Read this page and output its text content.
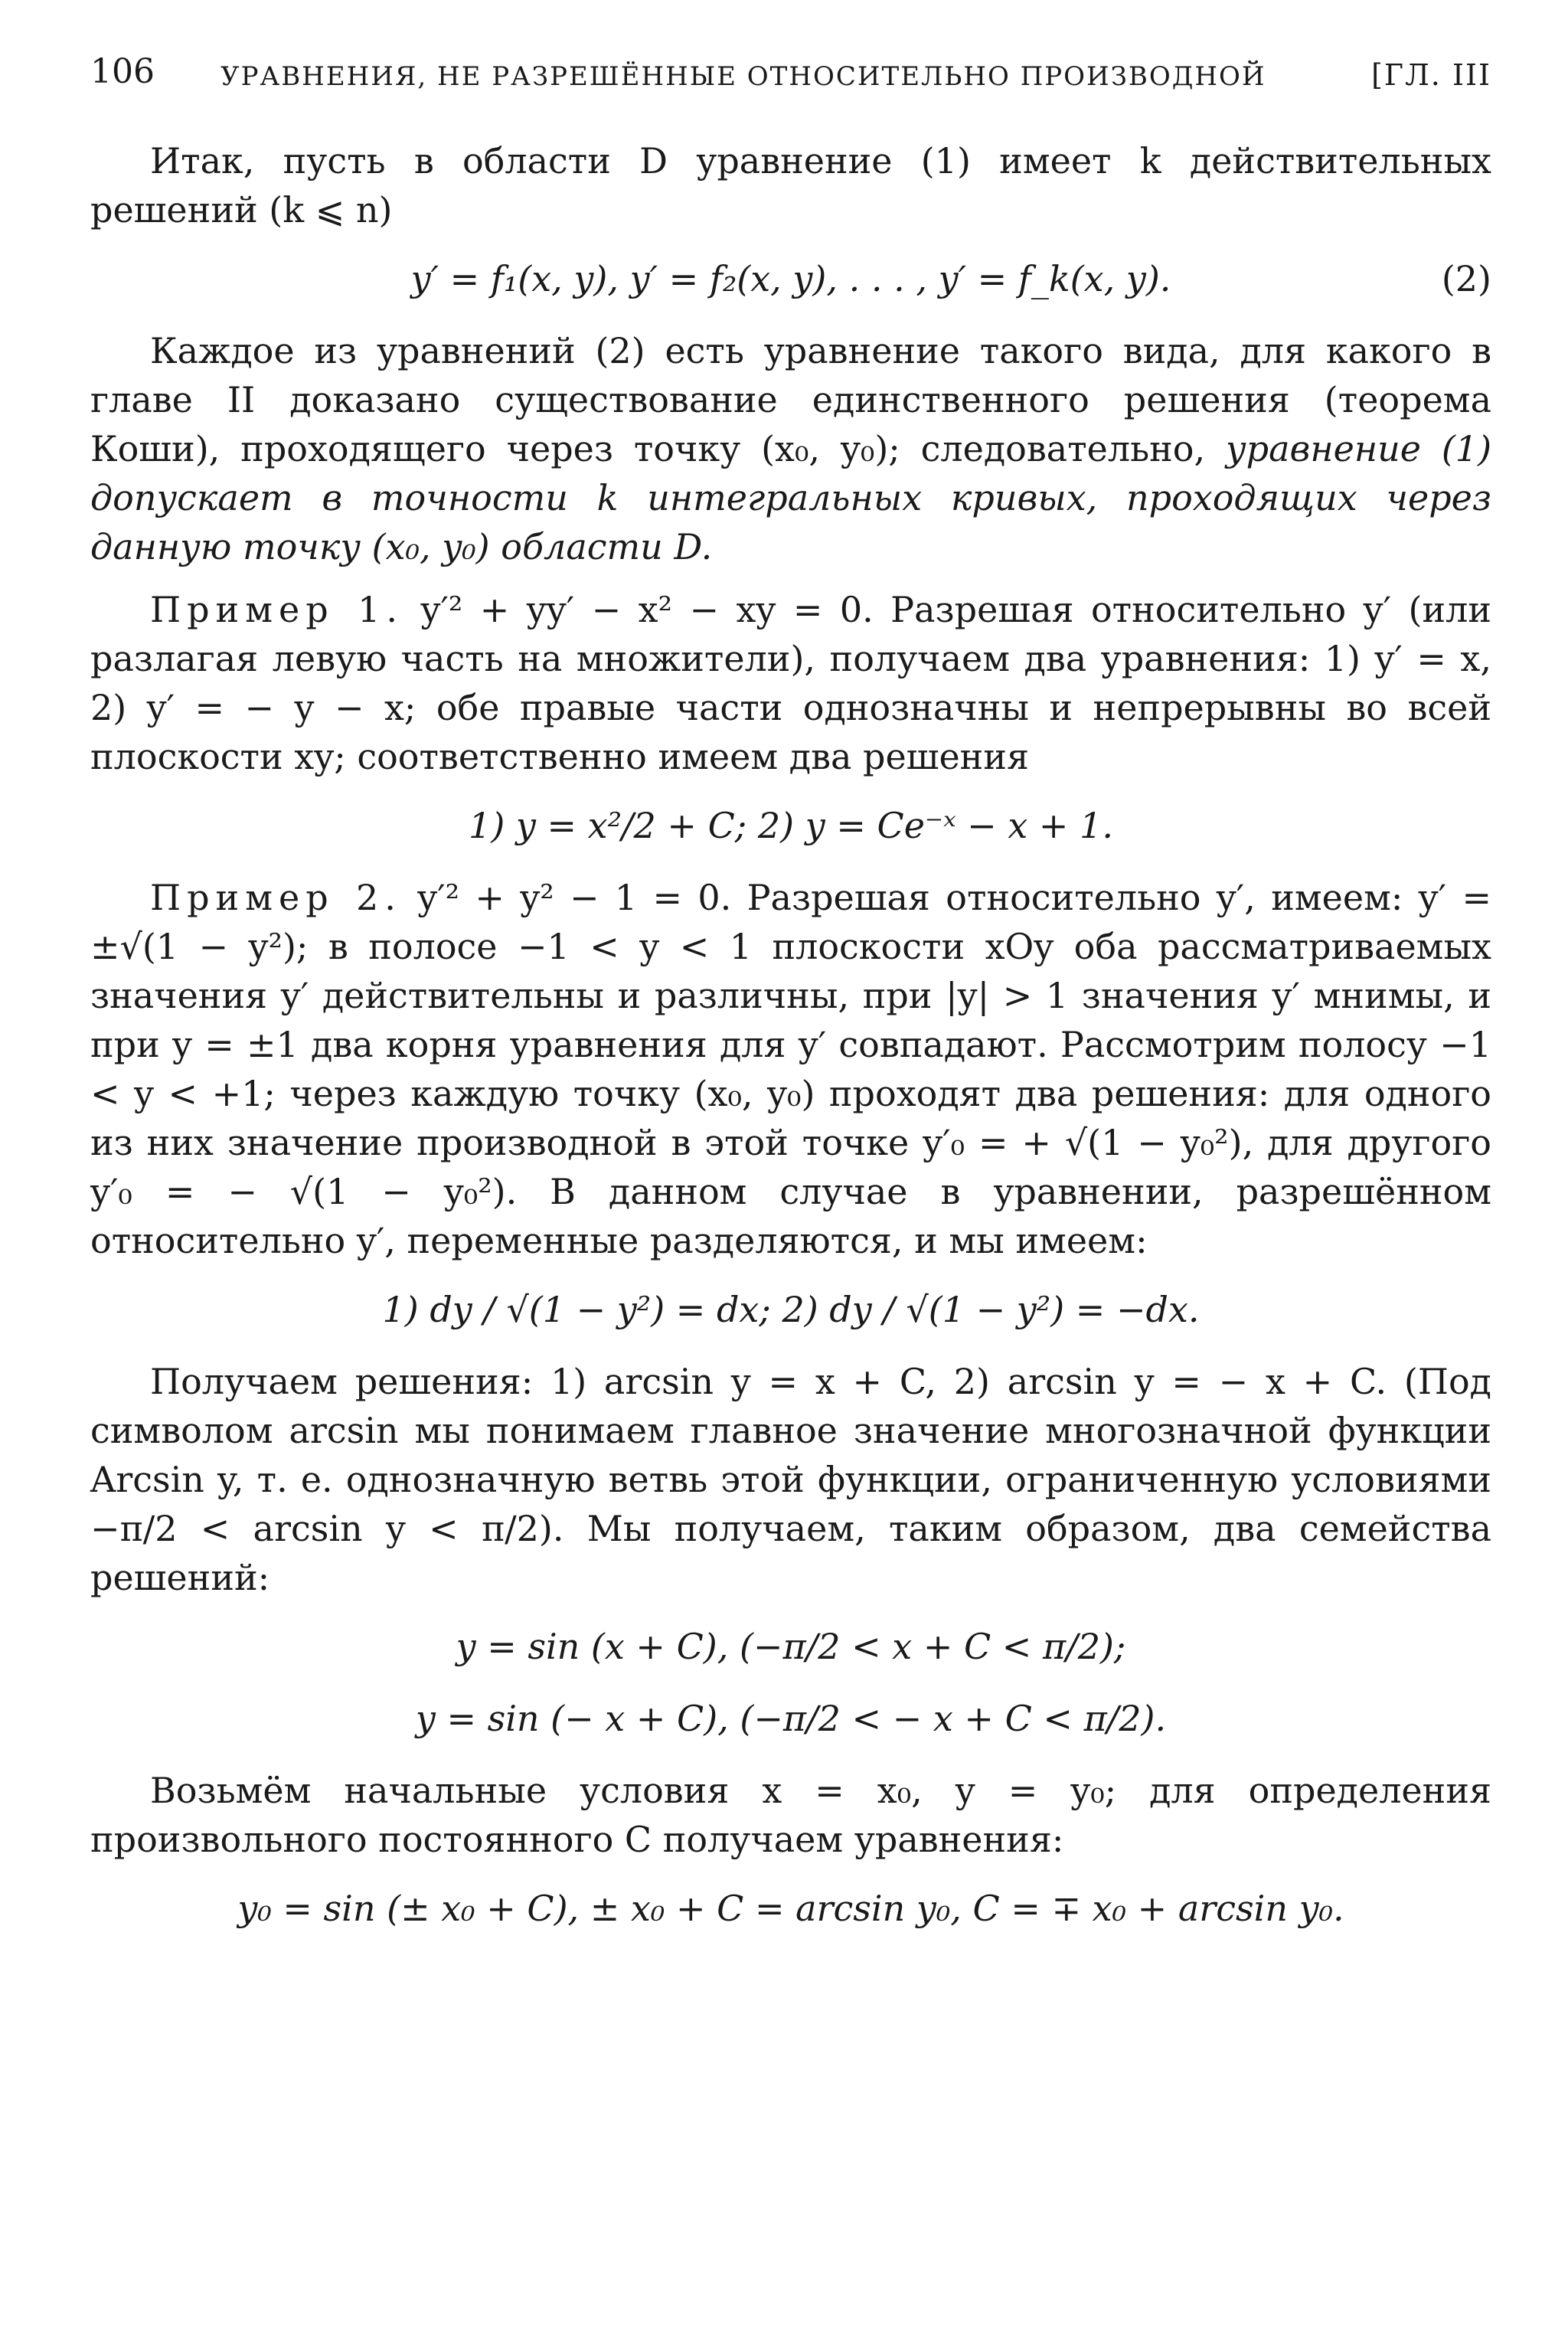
106	УРАВНЕНИЯ, НЕ РАЗРЕШЁННЫЕ ОТНОСИТЕЛЬНО ПРОИЗВОДНОЙ	[ГЛ. III

Итак, пусть в области D уравнение (1) имеет k действительных решений (k ⩽ n)

y′ = f₁(x, y), y′ = f₂(x, y), . . . , y′ = f_k(x, y).	(2)

Каждое из уравнений (2) есть уравнение такого вида, для какого в главе II доказано существование единственного решения (теорема Коши), проходящего через точку (x₀, y₀); следовательно, уравнение (1) допускает в точности k интегральных кривых, проходящих через данную точку (x₀, y₀) области D.

Пример 1. y′² + yy′ − x² − xy = 0. Разрешая относительно y′ (или разлагая левую часть на множители), получаем два уравнения: 1) y′ = x, 2) y′ = − y − x; обе правые части однозначны и непрерывны во всей плоскости xy; соответственно имеем два решения

1) y = x²/2 + C; 2) y = Ce⁻ˣ − x + 1.

Пример 2. y′² + y² − 1 = 0. Разрешая относительно y′, имеем: y′ = ±√(1 − y²); в полосе −1 < y < 1 плоскости xOy оба рассматриваемых значения y′ действительны и различны, при |y| > 1 значения y′ мнимы, и при y = ±1 два корня уравнения для y′ совпадают. Рассмотрим полосу −1 < y < +1; через каждую точку (x₀, y₀) проходят два решения: для одного из них значение производной в этой точке y′₀ = + √(1 − y₀²), для другого y′₀ = − √(1 − y₀²). В данном случае в уравнении, разрешённом относительно y′, переменные разделяются, и мы имеем:

1) dy / √(1 − y²) = dx; 2) dy / √(1 − y²) = −dx.

Получаем решения: 1) arcsin y = x + C, 2) arcsin y = − x + C. (Под символом arcsin мы понимаем главное значение многозначной функции Arcsin y, т. е. однозначную ветвь этой функции, ограниченную условиями −π/2 < arcsin y < π/2). Мы получаем, таким образом, два семейства решений:

y = sin (x + C), (−π/2 < x + C < π/2);
y = sin (− x + C), (−π/2 < − x + C < π/2).

Возьмём начальные условия x = x₀, y = y₀; для определения произвольного постоянного C получаем уравнения:

y₀ = sin (± x₀ + C), ± x₀ + C = arcsin y₀, C = ∓ x₀ + arcsin y₀.
